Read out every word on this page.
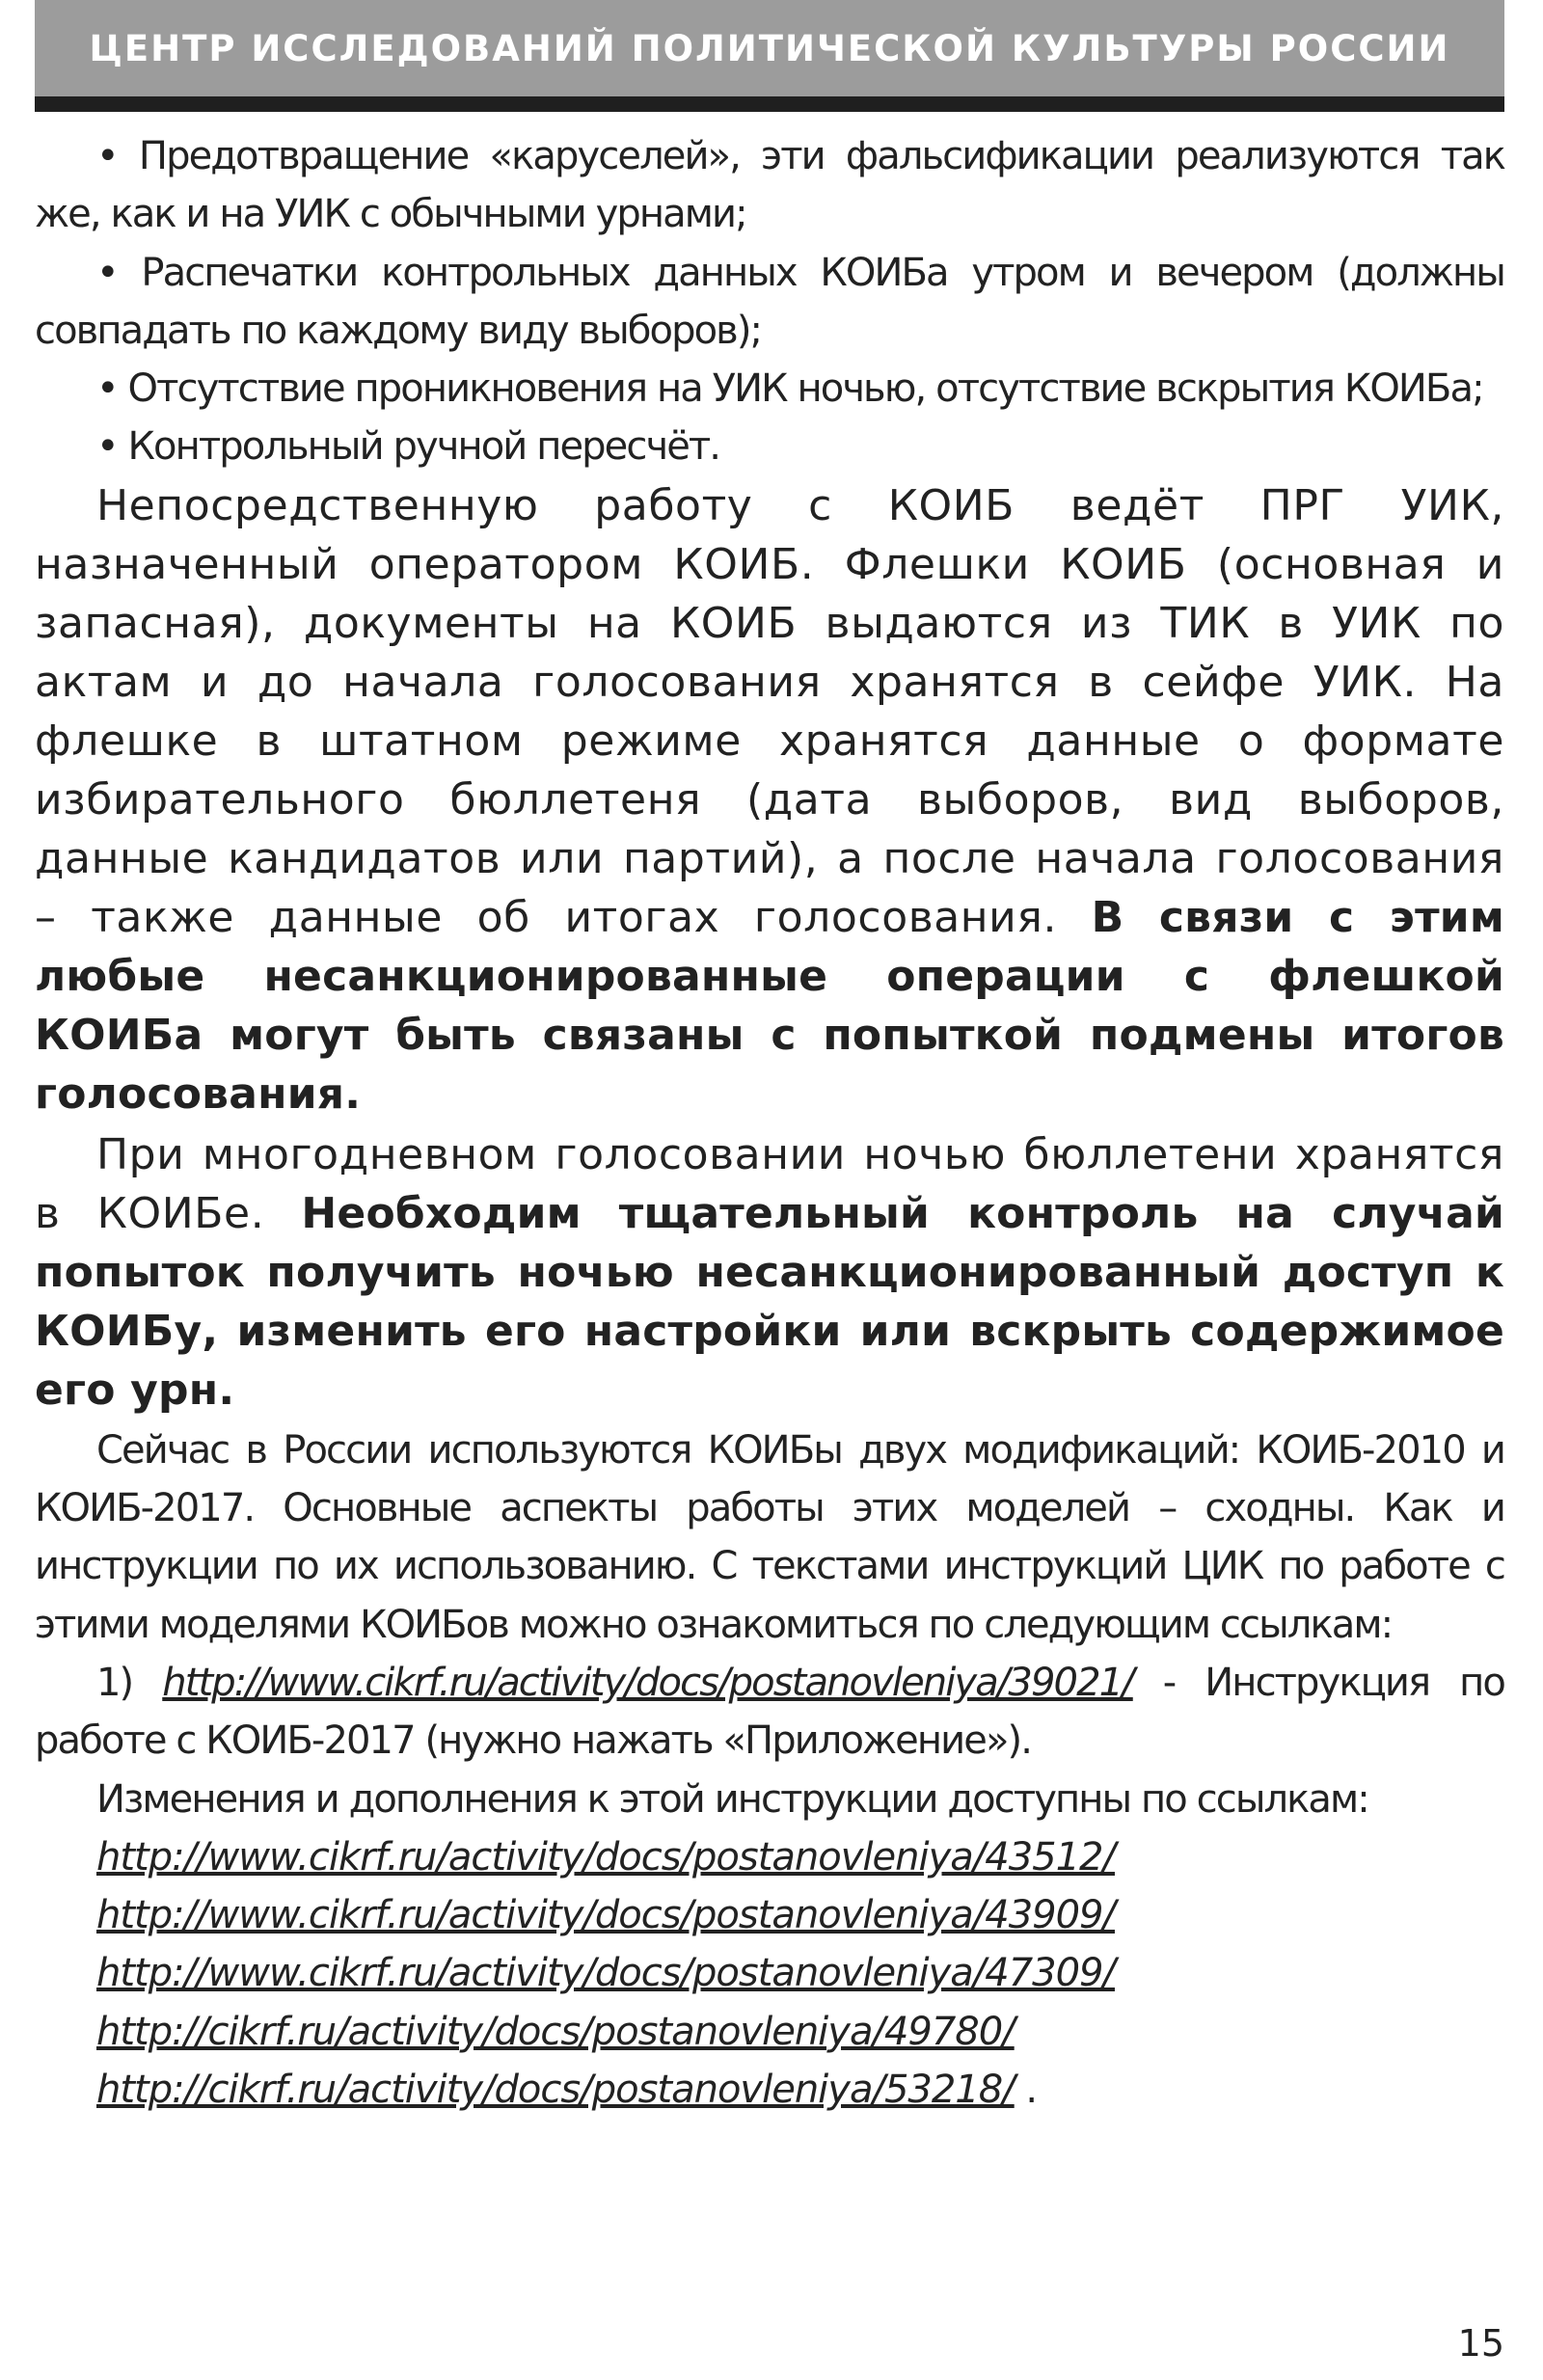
ЦЕНТР ИССЛЕДОВАНИЙ ПОЛИТИЧЕСКОЙ КУЛЬТУРЫ РОССИИ

• Предотвращение «каруселей», эти фальсификации реализуются так же, как и на УИК с обычными урнами;

• Распечатки контрольных данных КОИБа утром и вечером (должны совпадать по каждому виду выборов);

• Отсутствие проникновения на УИК ночью, отсутствие вскрытия КОИБа;

• Контрольный ручной пересчёт.

Непосредственную работу с КОИБ ведёт ПРГ УИК, назначенный оператором КОИБ. Флешки КОИБ (основная и запасная), документы на КОИБ выдаются из ТИК в УИК по актам и до начала голосования хранятся в сейфе УИК. На флешке в штатном режиме хранятся данные о формате избирательного бюллетеня (дата выборов, вид выборов, данные кандидатов или партий), а после начала голосования – также данные об итогах голосования. В связи с этим любые несанкционированные операции с флешкой КОИБа могут быть связаны с попыткой подмены итогов голосования.

При многодневном голосовании ночью бюллетени хранятся в КОИБе. Необходим тщательный контроль на случай попыток получить ночью несанкционированный доступ к КОИБу, изменить его настройки или вскрыть содержимое его урн.

Сейчас в России используются КОИБы двух модификаций: КОИБ-2010 и КОИБ-2017. Основные аспекты работы этих моделей – сходны. Как и инструкции по их использованию. С текстами инструкций ЦИК по работе с этими моделями КОИБов можно ознакомиться по следующим ссылкам:

1) http://www.cikrf.ru/activity/docs/postanovleniya/39021/ - Инструкция по работе с КОИБ-2017 (нужно нажать «Приложение»).

Изменения и дополнения к этой инструкции доступны по ссылкам:

http://www.cikrf.ru/activity/docs/postanovleniya/43512/

http://www.cikrf.ru/activity/docs/postanovleniya/43909/

http://www.cikrf.ru/activity/docs/postanovleniya/47309/

http://cikrf.ru/activity/docs/postanovleniya/49780/

http://cikrf.ru/activity/docs/postanovleniya/53218/ .

15
